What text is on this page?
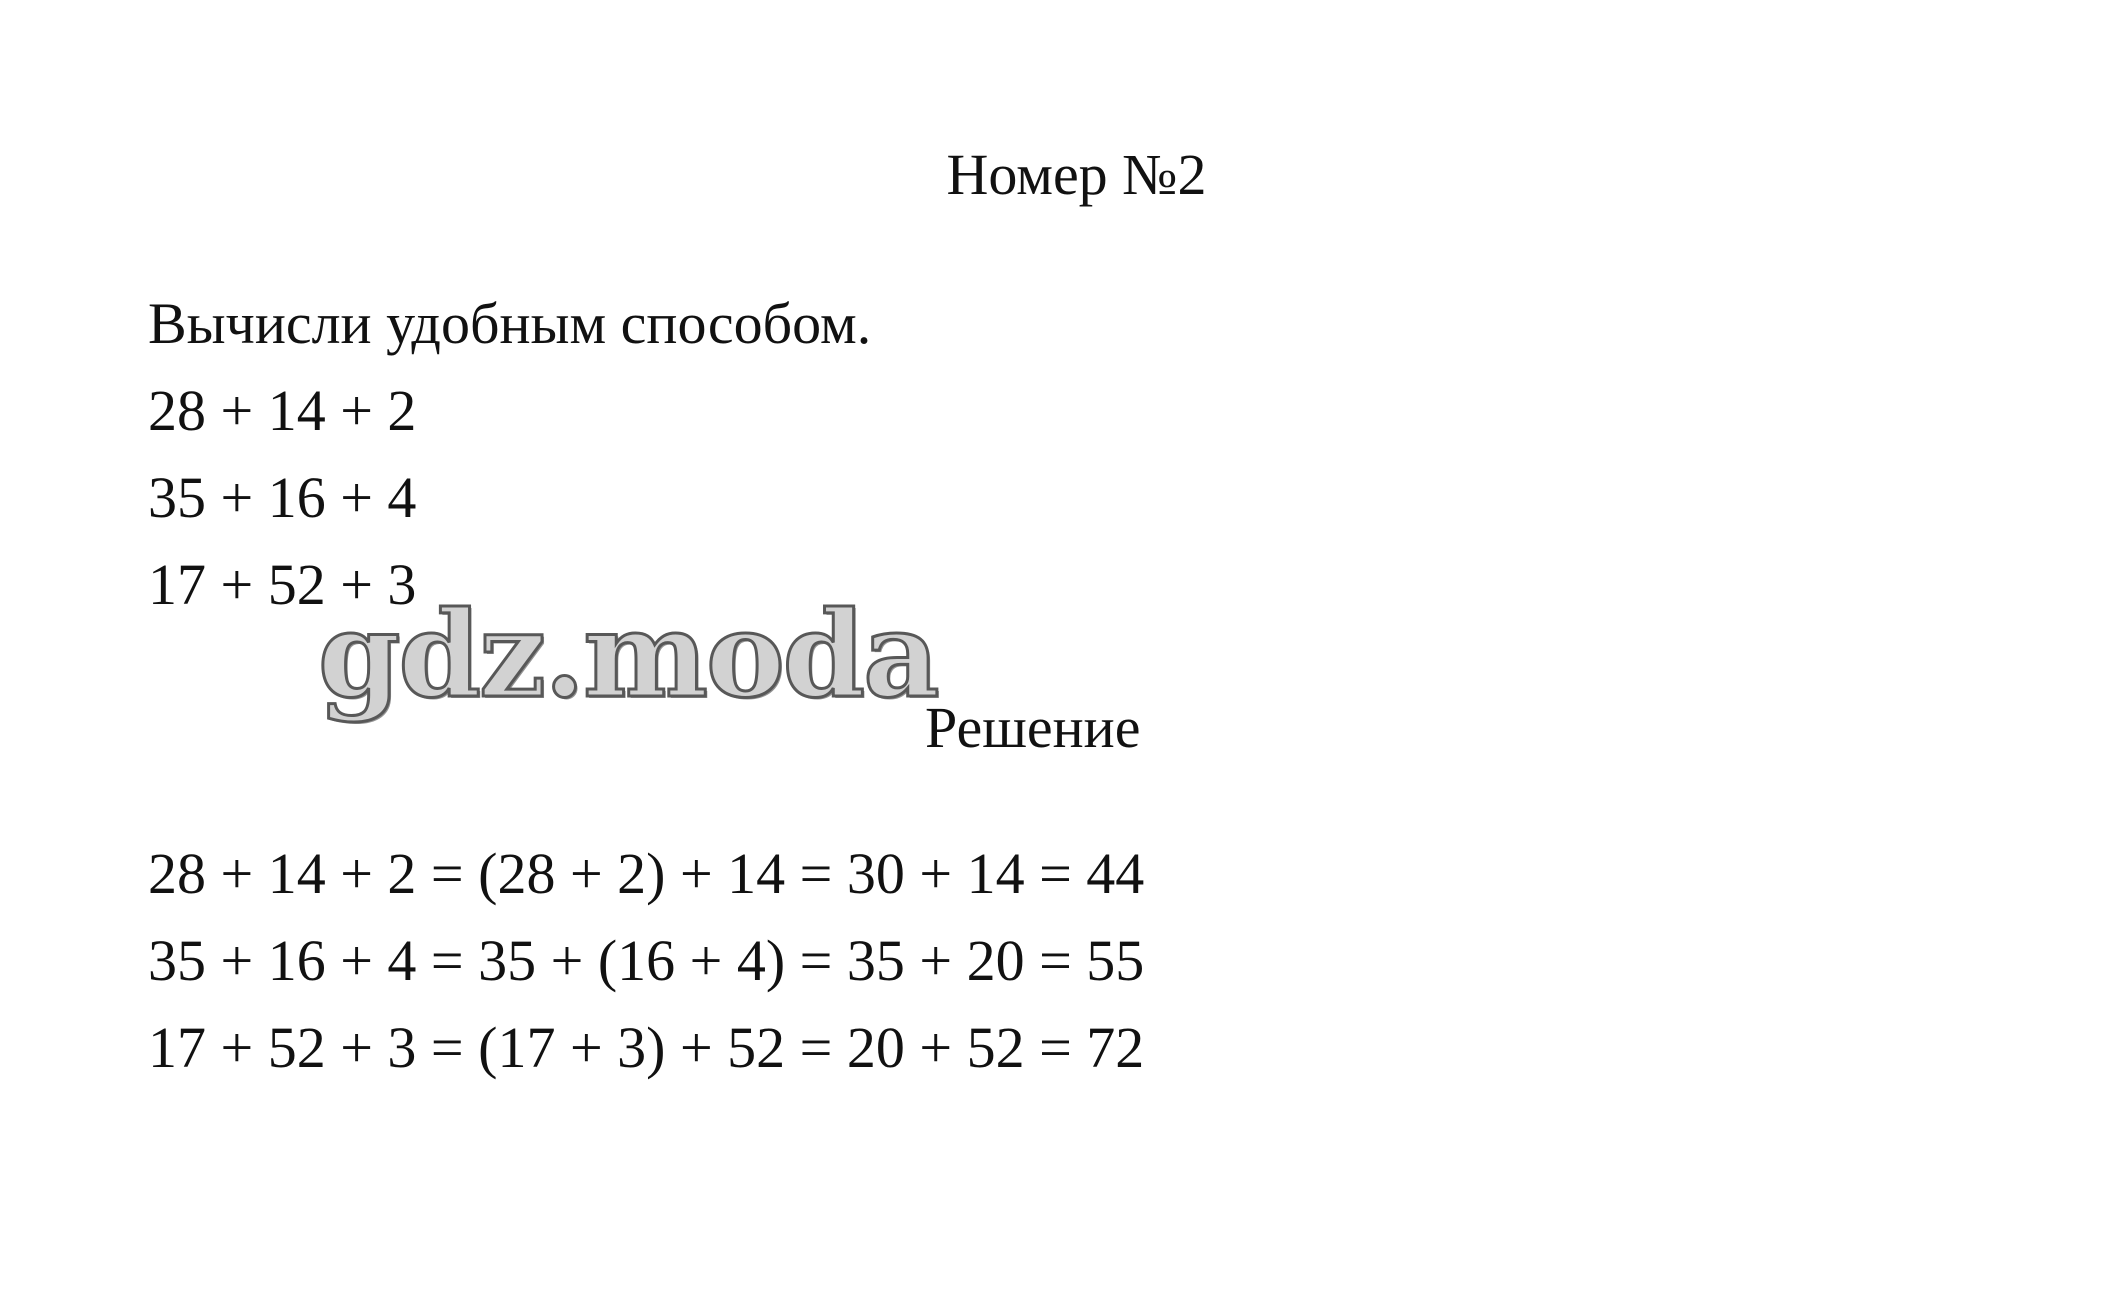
Номер №2
Вычисли удобным способом.
28 + 14 + 2
35 + 16 + 4
17 + 52 + 3
gdz.moda
Решение
28 + 14 + 2 = (28 + 2) + 14 = 30 + 14 = 44
35 + 16 + 4 = 35 + (16 + 4) = 35 + 20 = 55
17 + 52 + 3 = (17 + 3) + 52 = 20 + 52 = 72
